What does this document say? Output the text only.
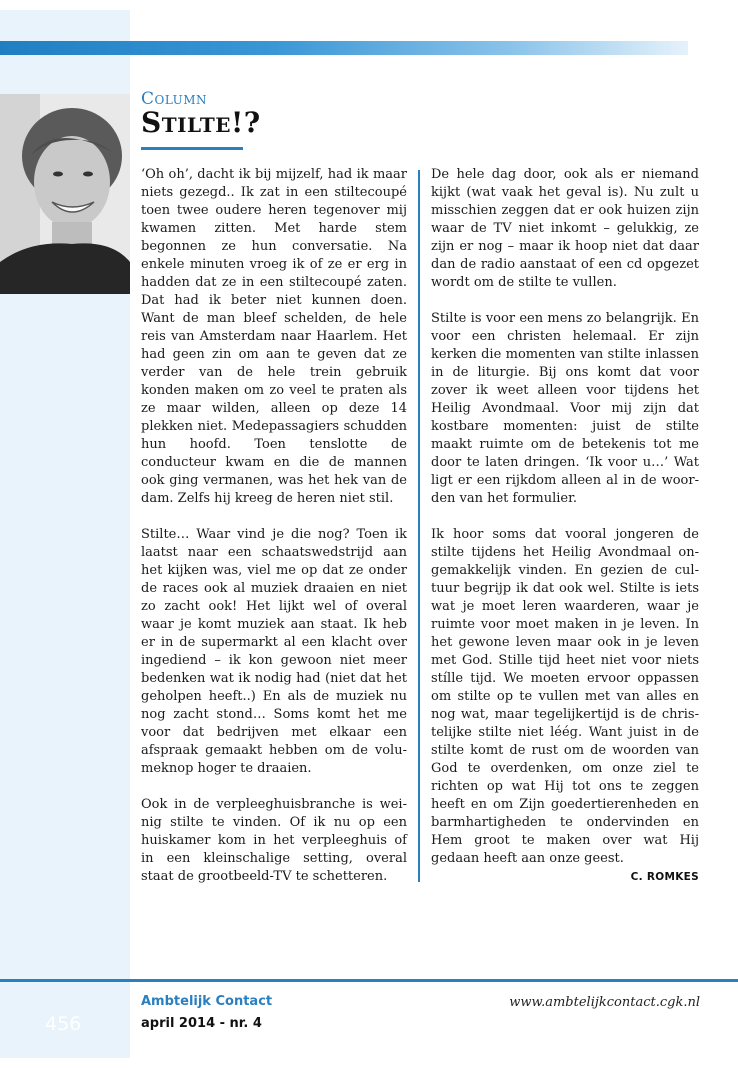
Column
Stilte!?

‘Oh oh’, dacht ik bij mijzelf, had ik maar niets gezegd.. Ik zat in een stiltecoupé toen twee oudere heren tegenover mij kwamen zitten. Met harde stem begonnen ze hun conversatie. Na enkele minuten vroeg ik of ze er erg in hadden dat ze in een stiltecoupé zaten. Dat had ik beter niet kunnen doen. Want de man bleef schelden, de hele reis van Amsterdam naar Haarlem. Het had geen zin om aan te geven dat ze verder van de hele trein gebruik konden maken om zo veel te praten als ze maar wilden, alleen op deze 14 plekken niet. Medepassagiers schudden hun hoofd. Toen tenslotte de conducteur kwam en die de mannen ook ging vermanen, was het hek van de dam. Zelfs hij kreeg de heren niet stil.

Stilte… Waar vind je die nog? Toen ik laatst naar een schaatswedstrijd aan het kijken was, viel me op dat ze onder de races ook al muziek draaien en niet zo zacht ook! Het lijkt wel of overal waar je komt muziek aan staat. Ik heb er in de supermarkt al een klacht over ingediend – ik kon gewoon niet meer bedenken wat ik nodig had (niet dat het geholpen heeft..) En als de muziek nu nog zacht stond… Soms komt het me voor dat bedrijven met elkaar een afspraak gemaakt hebben om de volumeknop hoger te draaien.

Ook in de verpleeghuisbranche is weinig stilte te vinden. Of ik nu op een huiskamer kom in het verpleeghuis of in een kleinschalige setting, overal staat de grootbeeld-TV te schetteren.

De hele dag door, ook als er niemand kijkt (wat vaak het geval is). Nu zult u misschien zeggen dat er ook huizen zijn waar de TV niet inkomt – gelukkig, ze zijn er nog – maar ik hoop niet dat daar dan de radio aanstaat of een cd opgezet wordt om de stilte te vullen.

Stilte is voor een mens zo belangrijk. En voor een christen helemaal. Er zijn kerken die momenten van stilte inlassen in de liturgie. Bij ons komt dat voor zover ik weet alleen voor tijdens het Heilig Avondmaal. Voor mij zijn dat kostbare momenten: juist de stilte maakt ruimte om de betekenis tot me door te laten dringen. ‘Ik voor u…’ Wat ligt er een rijkdom alleen al in de woorden van het formulier.

Ik hoor soms dat vooral jongeren de stilte tijdens het Heilig Avondmaal ongemakkelijk vinden. En gezien de cultuur begrijp ik dat ook wel. Stilte is iets wat je moet leren waarderen, waar je ruimte voor moet maken in je leven. In het gewone leven maar ook in je leven met God. Stille tijd heet niet voor niets stílle tijd. We moeten ervoor oppassen om stilte op te vullen met van alles en nog wat, maar tegelijkertijd is de christelijke stilte niet léég. Want juist in de stilte komt de rust om de woorden van God te overdenken, om onze ziel te richten op wat Hij tot ons te zeggen heeft en om Zijn goedertierenheden en barmhartigheden te ondervinden en Hem groot te maken over wat Hij gedaan heeft aan onze geest.

C. ROMKES
456
Ambtelijk Contact
april 2014 - nr. 4
www.ambtelijkcontact.cgk.nl
